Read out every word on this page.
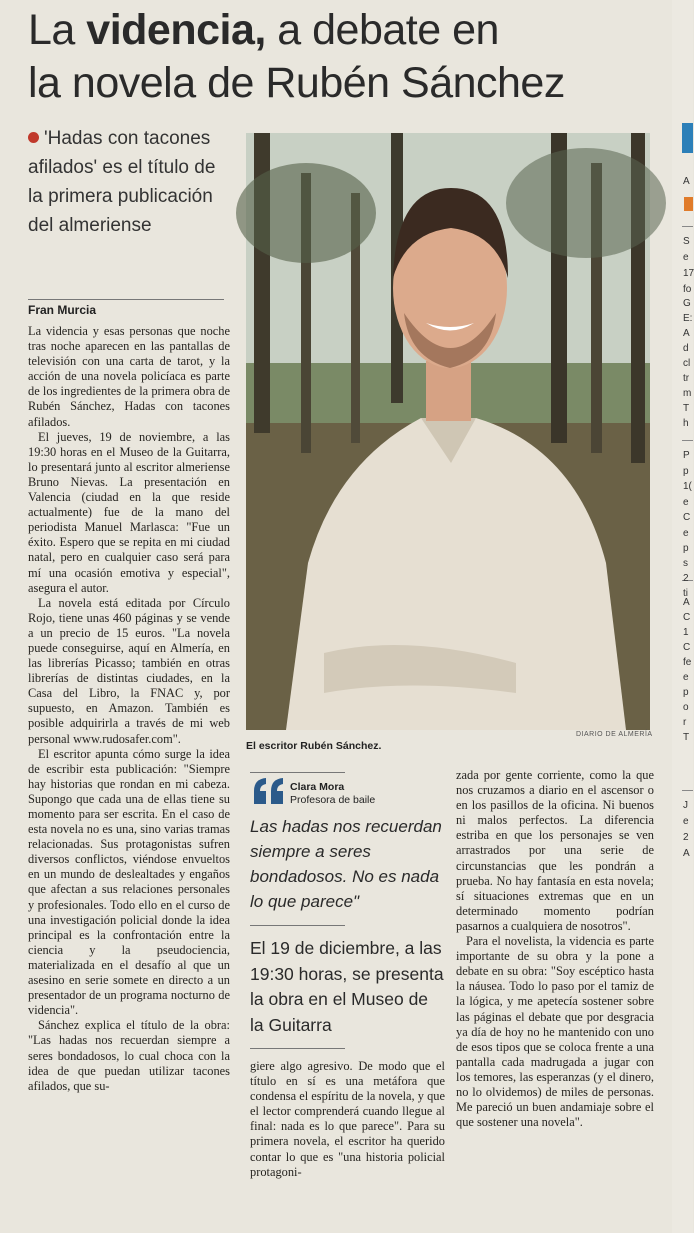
La videncia, a debate en
la novela de Rubén Sánchez
'Hadas con tacones afilados' es el título de la primera publicación del almeriense
Fran Murcia

La videncia y esas personas que noche tras noche aparecen en las pantallas de televisión con una carta de tarot, y la acción de una novela policíaca es parte de los ingredientes de la primera obra de Rubén Sánchez, Hadas con tacones afilados.

El jueves, 19 de noviembre, a las 19:30 horas en el Museo de la Guitarra, lo presentará junto al escritor almeriense Bruno Nievas. La presentación en Valencia (ciudad en la que reside actualmente) fue de la mano del periodista Manuel Marlasca: "Fue un éxito. Espero que se repita en mi ciudad natal, pero en cualquier caso será para mí una ocasión emotiva y especial", asegura el autor.

La novela está editada por Círculo Rojo, tiene unas 460 páginas y se vende a un precio de 15 euros. "La novela puede conseguirse, aquí en Almería, en las librerías Picasso; también en otras librerías de distintas ciudades, en la Casa del Libro, la FNAC y, por supuesto, en Amazon. También es posible adquirirla a través de mi web personal www.rudosafer.com".

El escritor apunta cómo surge la idea de escribir esta publicación: "Siempre hay historias que rondan en mi cabeza. Supongo que cada una de ellas tiene su momento para ser escrita. En el caso de esta novela no es una, sino varias tramas relacionadas. Sus protagonistas sufren diversos conflictos, viéndose envueltos en un mundo de deslealtades y engaños que afectan a sus relaciones personales y profesionales. Todo ello en el curso de una investigación policial donde la idea principal es la confrontación entre la ciencia y la pseudociencia, materializada en el desafío al que un asesino en serie somete en directo a un presentador de un programa nocturno de videncia".

Sánchez explica el título de la obra: "Las hadas nos recuerdan siempre a seres bondadosos, lo cual choca con la idea de que puedan utilizar tacones afilados, que su-

DIARIO DE ALMERÍA
El escritor Rubén Sánchez.
Clara Mora
Profesora de baile
Las hadas nos recuerdan siempre a seres bondadosos. No es nada lo que parece"
El 19 de diciembre, a las 19:30 horas, se presenta la obra en el Museo de la Guitarra

giere algo agresivo. De modo que el título en sí es una metáfora que condensa el espíritu de la novela, y que el lector comprenderá cuando llegue al final: nada es lo que parece". Para su primera novela, el escritor ha querido contar lo que es "una historia policial protagoni-

zada por gente corriente, como la que nos cruzamos a diario en el ascensor o en los pasillos de la oficina. Ni buenos ni malos perfectos. La diferencia estriba en que los personajes se ven arrastrados por una serie de circunstancias que les pondrán a prueba. No hay fantasía en esta novela; sí situaciones extremas que en un determinado momento podrían pasarnos a cualquiera de nosotros".

Para el novelista, la videncia es parte importante de su obra y la pone a debate en su obra: "Soy escéptico hasta la náusea. Todo lo paso por el tamiz de la lógica, y me apetecía sostener sobre las páginas el debate que por desgracia ya día de hoy no he mantenido con uno de esos tipos que se coloca frente a una pantalla cada madrugada a jugar con los temores, las esperanzas (y el dinero, no lo olvidemos) de miles de personas. Me pareció un buen andamiaje sobre el que sostener una novela".

A
S
e
17
fo
G
E:
A
d
cl
tr
m
T
h
P
p
1(
e
C
e
p
s
2
ti
A
C
1
C
fe
e
p
o
r
T
J
e
2
A
